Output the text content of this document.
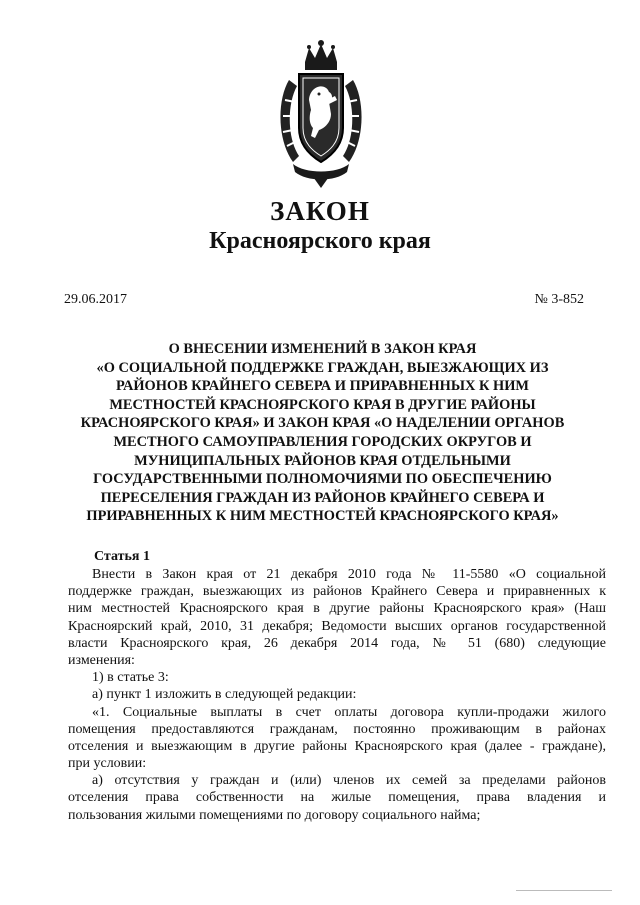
ЗАКОН
Красноярского края
29.06.2017	№ 3-852
О ВНЕСЕНИИ ИЗМЕНЕНИЙ В ЗАКОН КРАЯ
«О СОЦИАЛЬНОЙ ПОДДЕРЖКЕ ГРАЖДАН, ВЫЕЗЖАЮЩИХ ИЗ
РАЙОНОВ КРАЙНЕГО СЕВЕРА И ПРИРАВНЕННЫХ К НИМ
МЕСТНОСТЕЙ КРАСНОЯРСКОГО КРАЯ В ДРУГИЕ РАЙОНЫ
КРАСНОЯРСКОГО КРАЯ» И ЗАКОН КРАЯ «О НАДЕЛЕНИИ ОРГАНОВ
МЕСТНОГО САМОУПРАВЛЕНИЯ ГОРОДСКИХ ОКРУГОВ И
МУНИЦИПАЛЬНЫХ РАЙОНОВ КРАЯ ОТДЕЛЬНЫМИ
ГОСУДАРСТВЕННЫМИ ПОЛНОМОЧИЯМИ ПО ОБЕСПЕЧЕНИЮ
ПЕРЕСЕЛЕНИЯ ГРАЖДАН ИЗ РАЙОНОВ КРАЙНЕГО СЕВЕРА И
ПРИРАВНЕННЫХ К НИМ МЕСТНОСТЕЙ КРАСНОЯРСКОГО КРАЯ»
Статья 1
Внести в Закон края от 21 декабря 2010 года № 11-5580 «О социальной
поддержке граждан, выезжающих из районов Крайнего Севера и приравненных к
ним местностей Красноярского края в другие районы Красноярского края» (Наш
Красноярский край, 2010, 31 декабря; Ведомости высших органов государственной
власти Красноярского края, 26 декабря 2014 года, № 51 (680) следующие
изменения:
1) в статье 3:
а) пункт 1 изложить в следующей редакции:
«1. Социальные выплаты в счет оплаты договора купли-продажи жилого
помещения предоставляются гражданам, постоянно проживающим в районах
отселения и выезжающим в другие районы Красноярского края (далее - граждане),
при условии:
а) отсутствия у граждан и (или) членов их семей за пределами районов
отселения права собственности на жилые помещения, права владения и
пользования жилыми помещениями по договору социального найма;
